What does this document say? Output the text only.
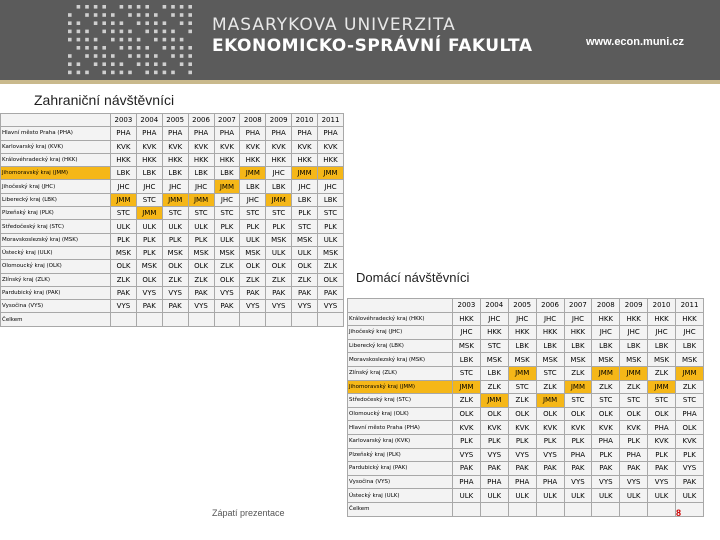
MASARYKOVA UNIVERZITA
EKONOMICKO-SPRÁVNÍ FAKULTA	www.econ.muni.cz
Zahraniční návštěvníci
	2003	2004	2005	2006	2007	2008	2009	2010	2011
Hlavní město Praha (PHA)	PHA	PHA	PHA	PHA	PHA	PHA	PHA	PHA	PHA
Karlovarský kraj (KVK)	KVK	KVK	KVK	KVK	KVK	KVK	KVK	KVK	KVK
Královéhradecký kraj (HKK)	HKK	HKK	HKK	HKK	HKK	HKK	HKK	HKK	HKK
Jihomoravský kraj (JMM)	LBK	LBK	LBK	LBK	LBK	JMM	JHC	JMM	JMM
Jihočeský kraj (JHC)	JHC	JHC	JHC	JHC	JMM	LBK	LBK	JHC	JHC
Liberecký kraj (LBK)	JMM	STC	JMM	JMM	JHC	JHC	JMM	LBK	LBK
Plzeňský kraj (PLK)	STC	JMM	STC	STC	STC	STC	STC	PLK	STC
Středočeský kraj (STC)	ULK	ULK	ULK	ULK	PLK	PLK	PLK	STC	PLK
Moravskoslezský kraj (MSK)	PLK	PLK	PLK	PLK	ULK	ULK	MSK	MSK	ULK
Ústecký kraj (ULK)	MSK	PLK	MSK	MSK	MSK	MSK	ULK	ULK	MSK
Olomoucký kraj (OLK)	OLK	MSK	OLK	OLK	ZLK	OLK	OLK	OLK	ZLK
Zlínský kraj (ZLK)	ZLK	OLK	ZLK	ZLK	OLK	ZLK	ZLK	ZLK	OLK
Pardubický kraj (PAK)	PAK	VYS	VYS	PAK	VYS	PAK	PAK	PAK	PAK
Vysočina (VYS)	VYS	PAK	PAK	VYS	PAK	VYS	VYS	VYS	VYS
Čelkem									
Domácí návštěvníci
	2003	2004	2005	2006	2007	2008	2009	2010	2011
Královéhradecký kraj (HKK)	HKK	JHC	JHC	JHC	JHC	HKK	HKK	HKK	HKK
Jihočeský kraj (JHC)	JHC	HKK	HKK	HKK	HKK	JHC	JHC	JHC	JHC
Liberecký kraj (LBK)	MSK	STC	LBK	LBK	LBK	LBK	LBK	LBK	LBK
Moravskoslezský kraj (MSK)	LBK	MSK	MSK	MSK	MSK	MSK	MSK	MSK	MSK
Zlínský kraj (ZLK)	STC	LBK	JMM	STC	ZLK	JMM	JMM	ZLK	JMM
Jihomoravský kraj (JMM)	JMM	ZLK	STC	ZLK	JMM	ZLK	ZLK	JMM	ZLK
Středočeský kraj (STC)	ZLK	JMM	ZLK	JMM	STC	STC	STC	STC	STC
Olomoucký kraj (OLK)	OLK	OLK	OLK	OLK	OLK	OLK	OLK	OLK	PHA
Hlavní město Praha (PHA)	KVK	KVK	KVK	KVK	KVK	KVK	KVK	PHA	OLK
Karlovarský kraj (KVK)	PLK	PLK	PLK	PLK	PLK	PHA	PLK	KVK	KVK
Plzeňský kraj (PLK)	VYS	VYS	VYS	VYS	PHA	PLK	PHA	PLK	PLK
Pardubický kraj (PAK)	PAK	PAK	PAK	PAK	PAK	PAK	PAK	PAK	VYS
Vysočina (VYS)	PHA	PHA	PHA	PHA	VYS	VYS	VYS	VYS	PAK
Ústecký kraj (ULK)	ULK	ULK	ULK	ULK	ULK	ULK	ULK	ULK	ULK
Čelkem									
Zápatí prezentace	8
